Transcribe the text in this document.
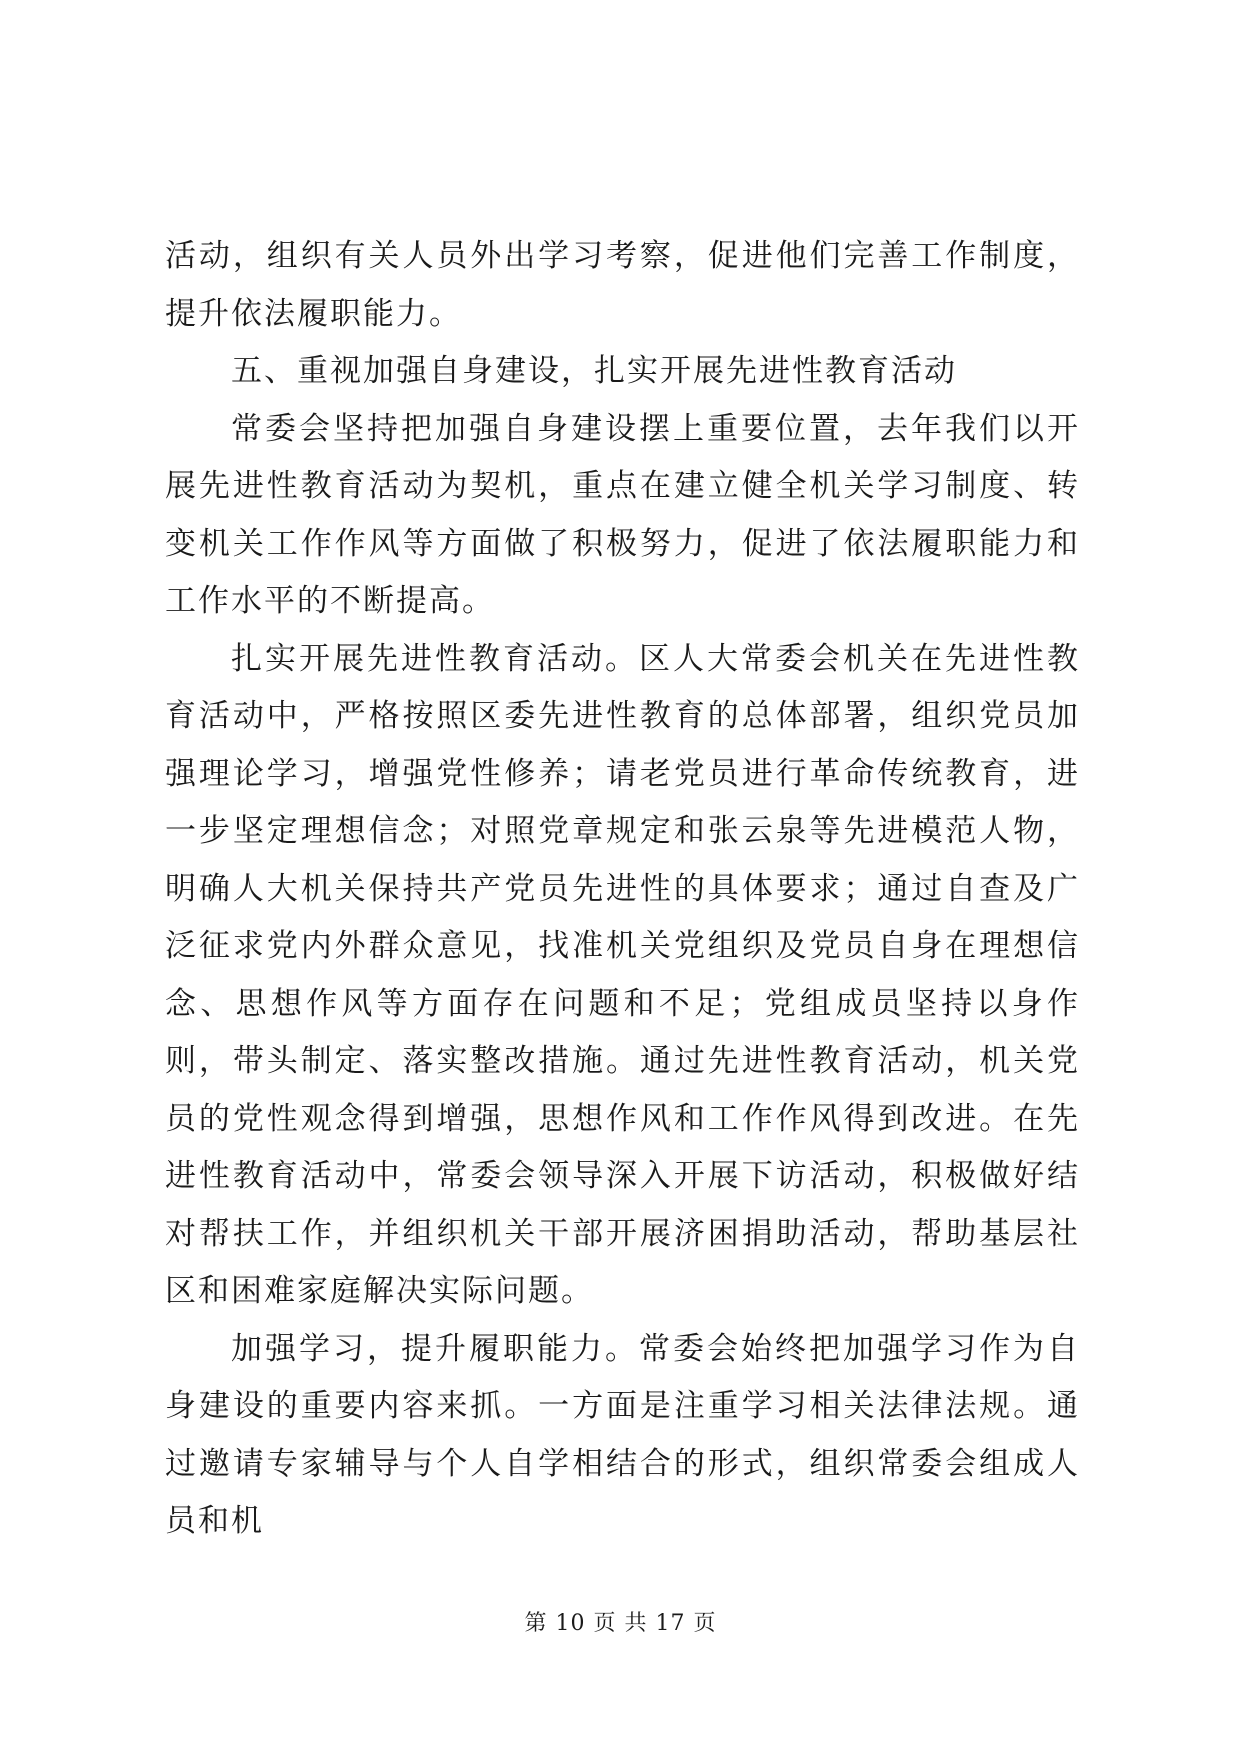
活动，组织有关人员外出学习考察，促进他们完善工作制度，提升依法履职能力。

五、重视加强自身建设，扎实开展先进性教育活动

常委会坚持把加强自身建设摆上重要位置，去年我们以开展先进性教育活动为契机，重点在建立健全机关学习制度、转变机关工作作风等方面做了积极努力，促进了依法履职能力和工作水平的不断提高。

扎实开展先进性教育活动。区人大常委会机关在先进性教育活动中，严格按照区委先进性教育的总体部署，组织党员加强理论学习，增强党性修养；请老党员进行革命传统教育，进一步坚定理想信念；对照党章规定和张云泉等先进模范人物，明确人大机关保持共产党员先进性的具体要求；通过自查及广泛征求党内外群众意见，找准机关党组织及党员自身在理想信念、思想作风等方面存在问题和不足；党组成员坚持以身作则，带头制定、落实整改措施。通过先进性教育活动，机关党员的党性观念得到增强，思想作风和工作作风得到改进。在先进性教育活动中，常委会领导深入开展下访活动，积极做好结对帮扶工作，并组织机关干部开展济困捐助活动，帮助基层社区和困难家庭解决实际问题。

加强学习，提升履职能力。常委会始终把加强学习作为自身建设的重要内容来抓。一方面是注重学习相关法律法规。通过邀请专家辅导与个人自学相结合的形式，组织常委会组成人员和机

第 10 页 共 17 页
